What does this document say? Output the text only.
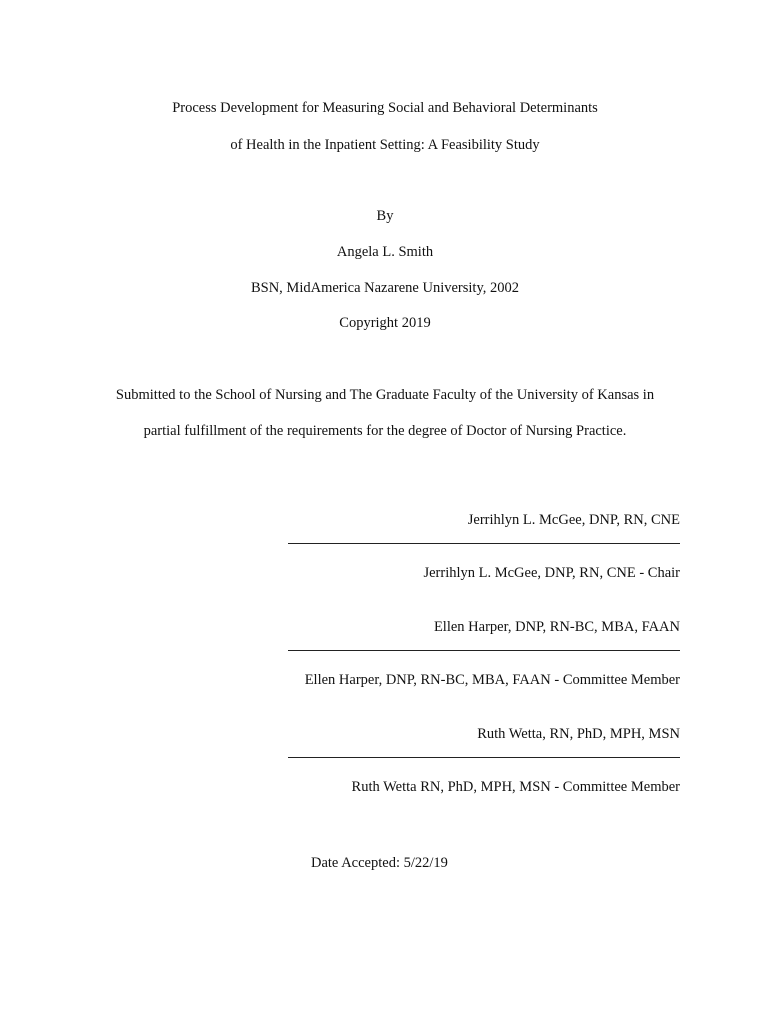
Process Development for Measuring Social and Behavioral Determinants
of Health in the Inpatient Setting: A Feasibility Study
By
Angela L. Smith
BSN, MidAmerica Nazarene University, 2002
Copyright 2019
Submitted to the School of Nursing and The Graduate Faculty of the University of Kansas in
partial fulfillment of the requirements for the degree of Doctor of Nursing Practice.
Jerrihlyn L. McGee, DNP, RN, CNE
Jerrihlyn L. McGee, DNP, RN, CNE - Chair
Ellen Harper, DNP, RN-BC, MBA, FAAN
Ellen Harper, DNP, RN-BC, MBA, FAAN - Committee Member
Ruth Wetta, RN, PhD, MPH, MSN
Ruth Wetta RN, PhD, MPH, MSN - Committee Member
Date Accepted: 5/22/19
